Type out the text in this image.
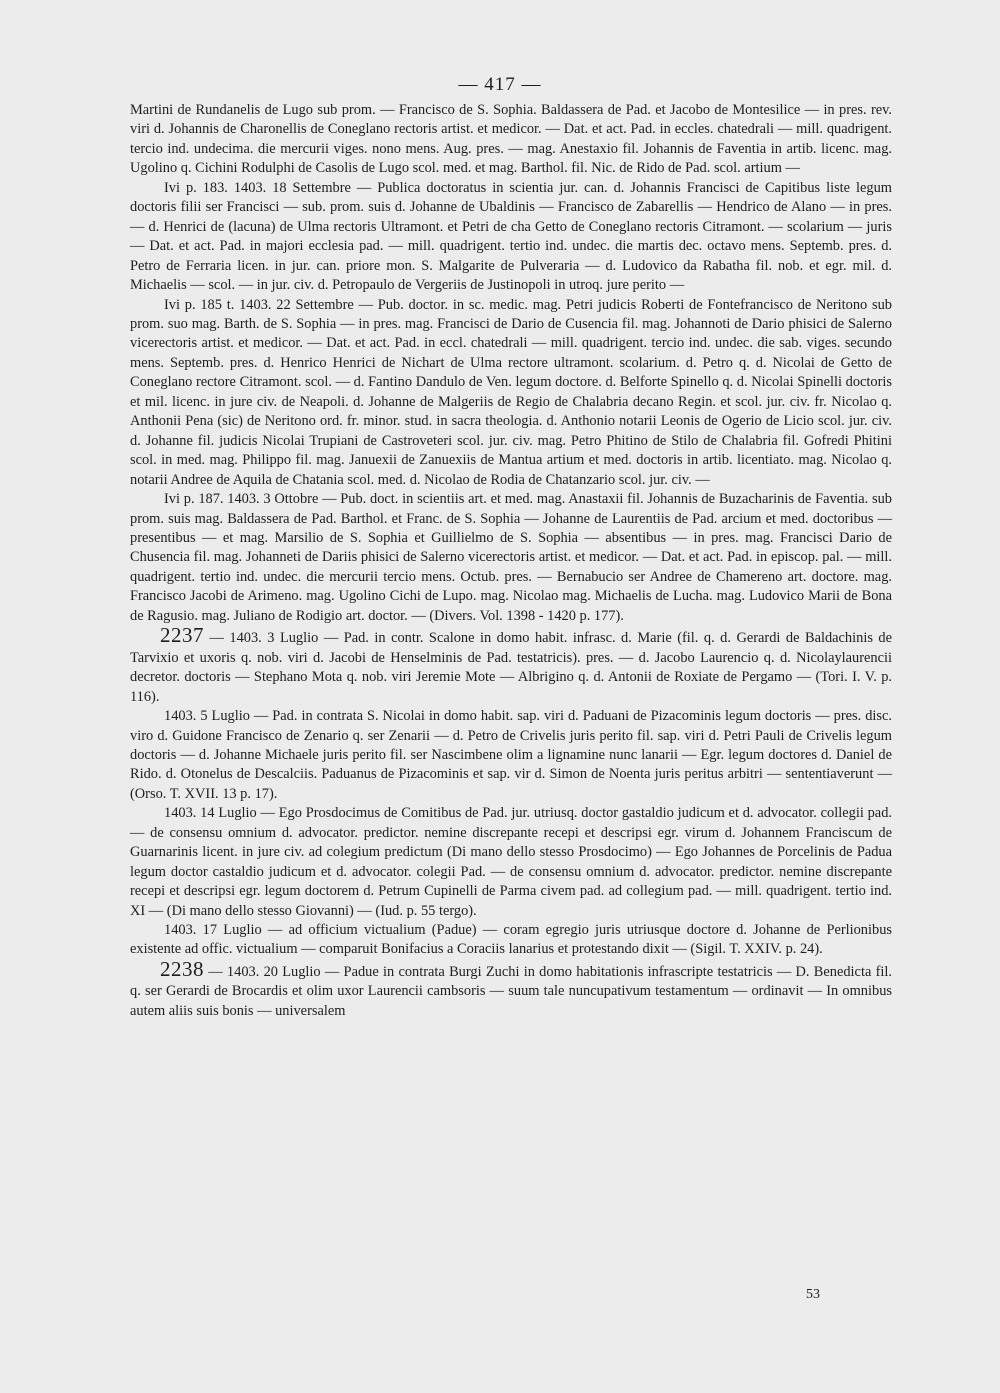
— 417 —

Martini de Rundanelis de Lugo sub prom. — Francisco de S. Sophia. Baldassera de Pad. et Jacobo de Montesilice — in pres. rev. viri d. Johannis de Charonellis de Coneglano rectoris artist. et medicor. — Dat. et act. Pad. in eccles. chatedrali — mill. quadrigent. tercio ind. undecima. die mercurii viges. nono mens. Aug. pres. — mag. Anestaxio fil. Johannis de Faventia in artib. licenc. mag. Ugolino q. Cichini Rodulphi de Casolis de Lugo scol. med. et mag. Barthol. fil. Nic. de Rido de Pad. scol. artium —

Ivi p. 183. 1403. 18 Settembre — Publica doctoratus in scientia jur. can. d. Johannis Francisci de Capitibus liste legum doctoris filii ser Francisci — sub. prom. suis d. Johanne de Ubaldinis — Francisco de Zabarellis — Hendrico de Alano — in pres. — d. Henrici de (lacuna) de Ulma rectoris Ultramont. et Petri de cha Getto de Coneglano rectoris Citramont. — scolarium — juris — Dat. et act. Pad. in majori ecclesia pad. — mill. quadrigent. tertio ind. undec. die martis dec. octavo mens. Septemb. pres. d. Petro de Ferraria licen. in jur. can. priore mon. S. Malgarite de Pulveraria — d. Ludovico da Rabatha fil. nob. et egr. mil. d. Michaelis — scol. — in jur. civ. d. Petropaulo de Vergeriis de Justinopoli in utroq. jure perito —

Ivi p. 185 t. 1403. 22 Settembre — Pub. doctor. in sc. medic. mag. Petri judicis Roberti de Fontefrancisco de Neritono sub prom. suo mag. Barth. de S. Sophia — in pres. mag. Francisci de Dario de Cusencia fil. mag. Johannoti de Dario phisici de Salerno vicerectoris artist. et medicor. — Dat. et act. Pad. in eccl. chatedrali — mill. quadrigent. tercio ind. undec. die sab. viges. secundo mens. Septemb. pres. d. Henrico Henrici de Nichart de Ulma rectore ultramont. scolarium. d. Petro q. d. Nicolai de Getto de Coneglano rectore Citramont. scol. — d. Fantino Dandulo de Ven. legum doctore. d. Belforte Spinello q. d. Nicolai Spinelli doctoris et mil. licenc. in jure civ. de Neapoli. d. Johanne de Malgeriis de Regio de Chalabria decano Regin. et scol. jur. civ. fr. Nicolao q. Anthonii Pena (sic) de Neritono ord. fr. minor. stud. in sacra theologia. d. Anthonio notarii Leonis de Ogerio de Licio scol. jur. civ. d. Johanne fil. judicis Nicolai Trupiani de Castroveteri scol. jur. civ. mag. Petro Phitino de Stilo de Chalabria fil. Gofredi Phitini scol. in med. mag. Philippo fil. mag. Januexii de Zanuexiis de Mantua artium et med. doctoris in artib. licentiato. mag. Nicolao q. notarii Andree de Aquila de Chatania scol. med. d. Nicolao de Rodia de Chatanzario scol. jur. civ. —

Ivi p. 187. 1403. 3 Ottobre — Pub. doct. in scientiis art. et med. mag. Anastaxii fil. Johannis de Buzacharinis de Faventia. sub prom. suis mag. Baldassera de Pad. Barthol. et Franc. de S. Sophia — Johanne de Laurentiis de Pad. arcium et med. doctoribus — presentibus — et mag. Marsilio de S. Sophia et Guillielmo de S. Sophia — absentibus — in pres. mag. Francisci Dario de Chusencia fil. mag. Johanneti de Dariis phisici de Salerno vicerectoris artist. et medicor. — Dat. et act. Pad. in episcop. pal. — mill. quadrigent. tertio ind. undec. die mercurii tercio mens. Octub. pres. — Bernabucio ser Andree de Chamereno art. doctore. mag. Francisco Jacobi de Arimeno. mag. Ugolino Cichi de Lupo. mag. Nicolao mag. Michaelis de Lucha. mag. Ludovico Marii de Bona de Ragusio. mag. Juliano de Rodigio art. doctor. — (Divers. Vol. 1398 - 1420 p. 177).

2237 — 1403. 3 Luglio — Pad. in contr. Scalone in domo habit. infrasc. d. Marie (fil. q. d. Gerardi de Baldachinis de Tarvixio et uxoris q. nob. viri d. Jacobi de Henselminis de Pad. testatricis). pres. — d. Jacobo Laurencio q. d. Nicolaylaurencii decretor. doctoris — Stephano Mota q. nob. viri Jeremie Mote — Albrigino q. d. Antonii de Roxiate de Pergamo — (Tori. I. V. p. 116).

1403. 5 Luglio — Pad. in contrata S. Nicolai in domo habit. sap. viri d. Paduani de Pizacominis legum doctoris — pres. disc. viro d. Guidone Francisco de Zenario q. ser Zenarii — d. Petro de Crivelis juris perito fil. sap. viri d. Petri Pauli de Crivelis legum doctoris — d. Johanne Michaele juris perito fil. ser Nascimbene olim a lignamine nunc lanarii — Egr. legum doctores d. Daniel de Rido. d. Otonelus de Descalciis. Paduanus de Pizacominis et sap. vir d. Simon de Noenta juris peritus arbitri — sententiaverunt — (Orso. T. XVII. 13 p. 17).

1403. 14 Luglio — Ego Prosdocimus de Comitibus de Pad. jur. utriusq. doctor gastaldio judicum et d. advocator. collegii pad. — de consensu omnium d. advocator. predictor. nemine discrepante recepi et descripsi egr. virum d. Johannem Franciscum de Guarnarinis licent. in jure civ. ad colegium predictum (Di mano dello stesso Prosdocimo) — Ego Johannes de Porcelinis de Padua legum doctor castaldio judicum et d. advocator. colegii Pad. — de consensu omnium d. advocator. predictor. nemine discrepante recepi et descripsi egr. legum doctorem d. Petrum Cupinelli de Parma civem pad. ad collegium pad. — mill. quadrigent. tertio ind. XI — (Di mano dello stesso Giovanni) — (Iud. p. 55 tergo).

1403. 17 Luglio — ad officium victualium (Padue) — coram egregio juris utriusque doctore d. Johanne de Perlionibus existente ad offic. victualium — comparuit Bonifacius a Coraciis lanarius et protestando dixit — (Sigil. T. XXIV. p. 24).

2238 — 1403. 20 Luglio — Padue in contrata Burgi Zuchi in domo habitationis infrascripte testatricis — D. Benedicta fil. q. ser Gerardi de Brocardis et olim uxor Laurencii cambsoris — suum tale nuncupativum testamentum — ordinavit — In omnibus autem aliis suis bonis — universalem

53
